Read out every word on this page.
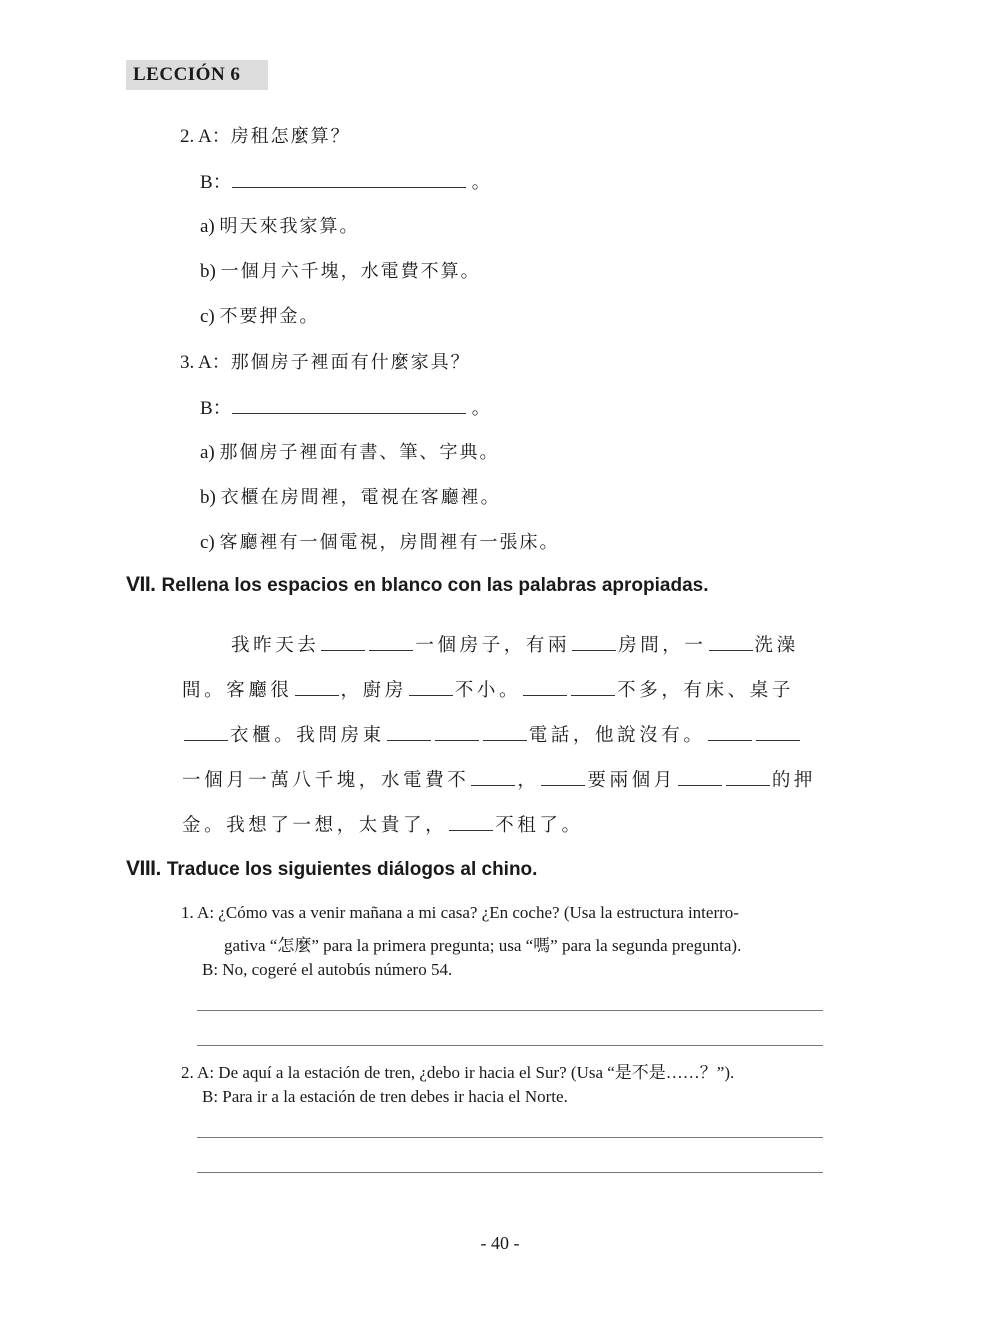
LECCIÓN 6
2. A：房租怎麼算？
B：	。
a) 明天來我家算。
b) 一個月六千塊，水電費不算。
c) 不要押金。
3. A：那個房子裡面有什麼家具？
B：	。
a) 那個房子裡面有書、筆、字典。
b) 衣櫃在房間裡，電視在客廳裡。
c) 客廳裡有一個電視，房間裡有一張床。
VII. Rellena los espacios en blanco con las palabras apropiadas.
我昨天去	一個房子，有兩	房間，一	洗澡
間。客廳很	，廚房	不小。	不多，有床、桌子
衣櫃。我問房東	電話，他說沒有。
一個月一萬八千塊，水電費不	，	要兩個月	的押
金。我想了一想，太貴了，	不租了。
VIII. Traduce los siguientes diálogos al chino.
1. A: ¿Cómo vas a venir mañana a mi casa? ¿En coche? (Usa la estructura interro-
gativa “怎麼” para la primera pregunta; usa “嗎” para la segunda pregunta).
B: No, cogeré el autobús número 54.
2. A: De aquí a la estación de tren, ¿debo ir hacia el Sur? (Usa “是不是……？”).
B: Para ir a la estación de tren debes ir hacia el Norte.
- 40 -
